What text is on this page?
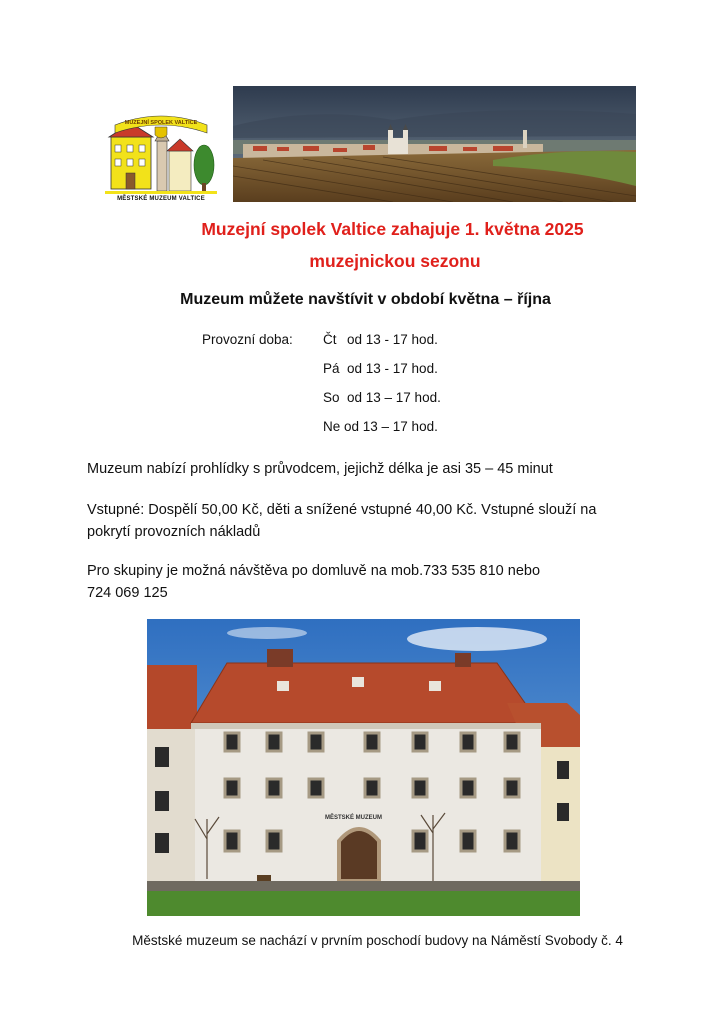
MUZEJNÍ SPOLEK VALTICE
MĚSTSKÉ MUZEUM VALTICE
Muzejní spolek Valtice zahajuje 1. května 2025
muzejnickou sezonu
Muzeum můžete navštívit v období května – října
Provozní doba: Čt od 13 - 17 hod.
Pá od 13 - 17 hod.
So od 13 – 17 hod.
Ne od 13 – 17 hod.
Muzeum nabízí prohlídky s průvodcem, jejichž délka je asi 35 – 45 minut
Vstupné: Dospělí 50,00 Kč, děti a snížené vstupné 40,00 Kč. Vstupné slouží na
pokrytí provozních nákladů
Pro skupiny je možná návštěva po domluvě na mob.733 535 810 nebo
724 069 125
MĚSTSKÉ MUZEUM
Městské muzeum se nachází v prvním poschodí budovy na Náměstí Svobody č. 4
